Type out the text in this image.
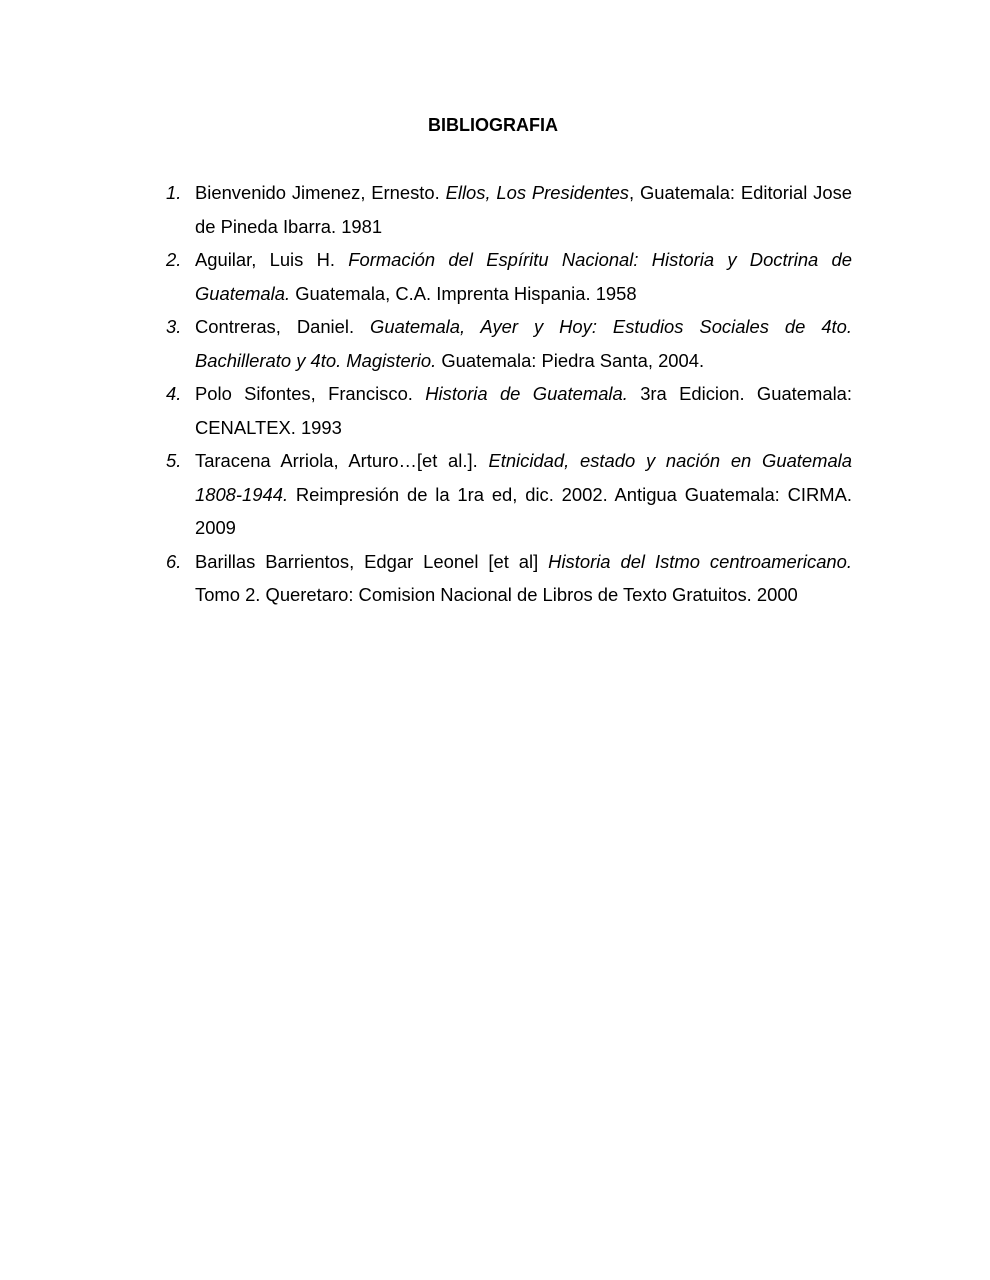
BIBLIOGRAFIA
1. Bienvenido Jimenez, Ernesto. Ellos, Los Presidentes, Guatemala: Editorial Jose de Pineda Ibarra. 1981
2. Aguilar, Luis H. Formación del Espíritu Nacional: Historia y Doctrina de Guatemala. Guatemala, C.A. Imprenta Hispania. 1958
3. Contreras, Daniel. Guatemala, Ayer y Hoy: Estudios Sociales de 4to. Bachillerato y 4to. Magisterio. Guatemala: Piedra Santa, 2004.
4. Polo Sifontes, Francisco. Historia de Guatemala. 3ra Edicion. Guatemala: CENALTEX. 1993
5. Taracena Arriola, Arturo…[et al.]. Etnicidad, estado y nación en Guatemala 1808-1944. Reimpresión de la 1ra ed, dic. 2002. Antigua Guatemala: CIRMA. 2009
6. Barillas Barrientos, Edgar Leonel [et al] Historia del Istmo centroamericano. Tomo 2. Queretaro: Comision Nacional de Libros de Texto Gratuitos. 2000
